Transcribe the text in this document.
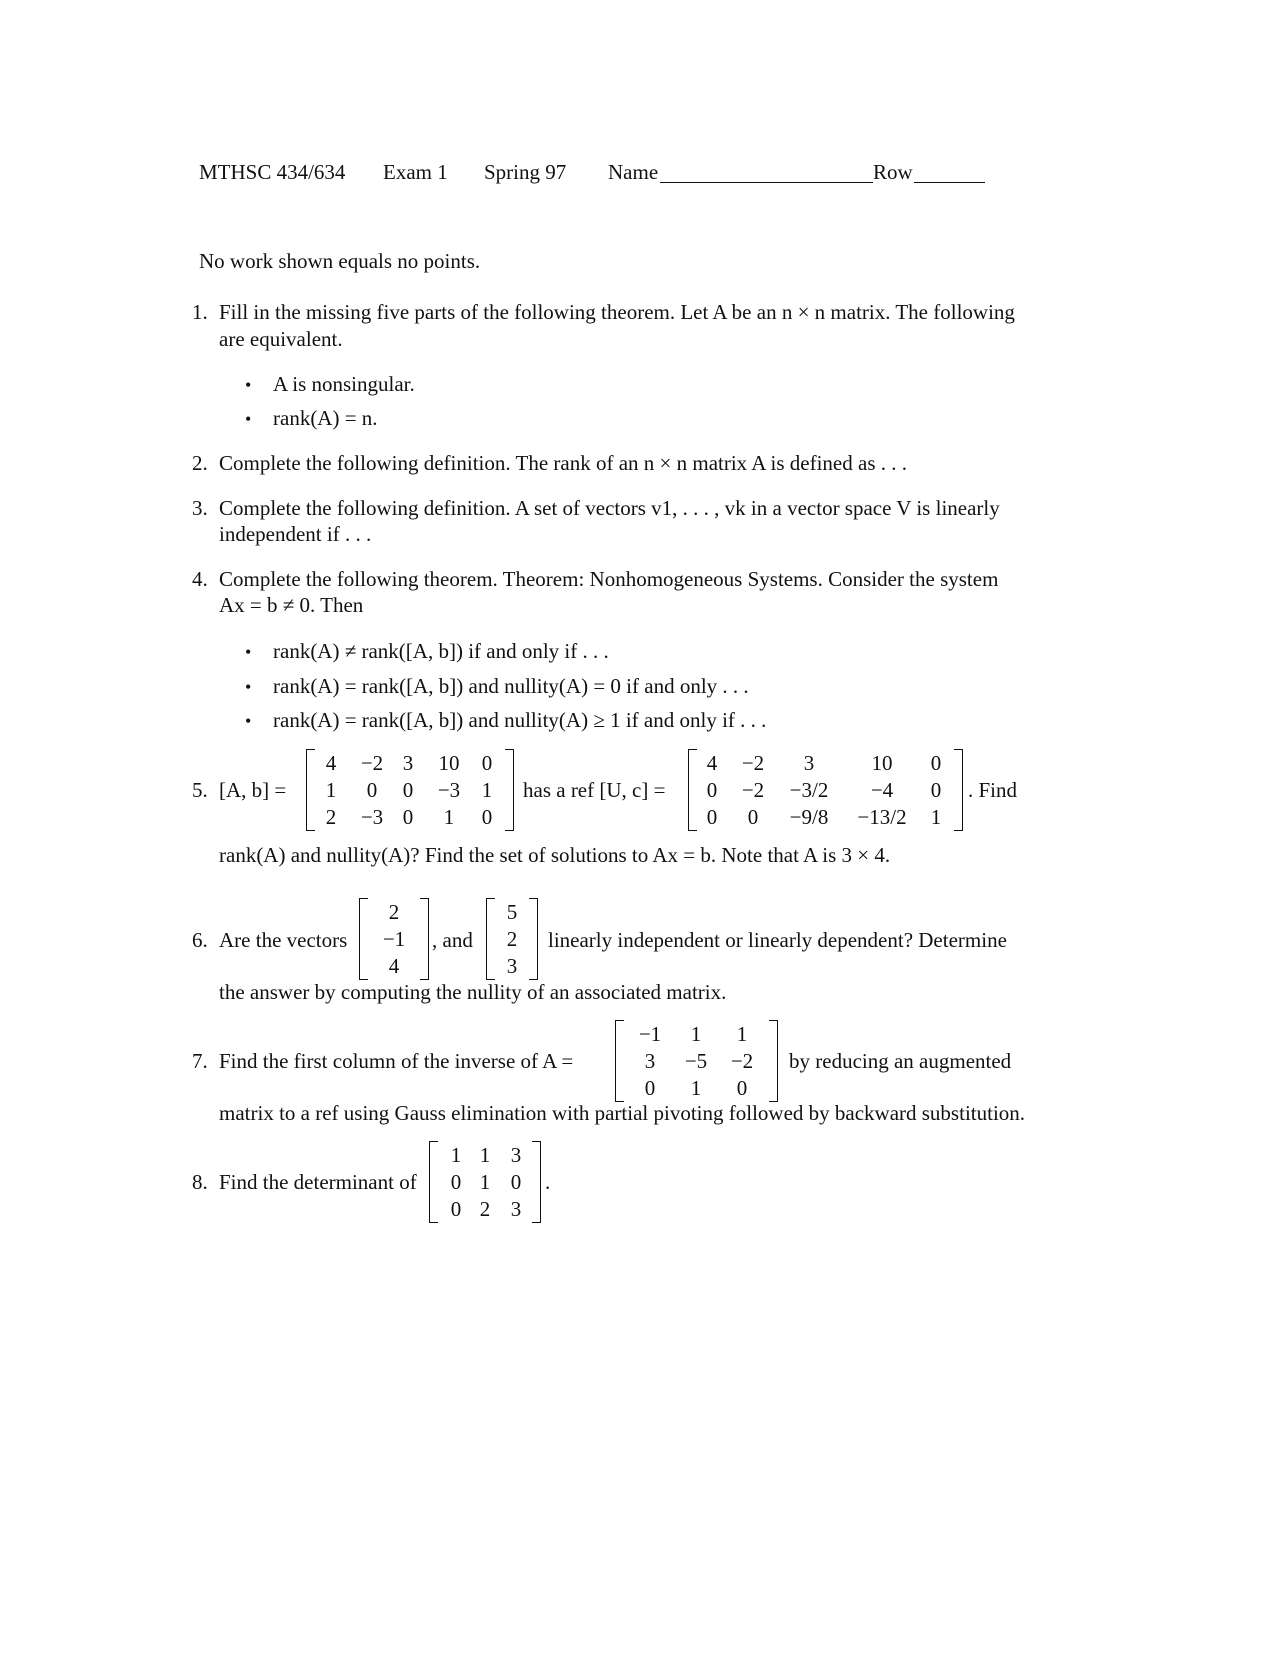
MTHSC 434/634 Exam 1 Spring 97 Name	Row
No work shown equals no points.
1. Fill in the missing five parts of the following theorem. Let A be an n × n matrix. The following
are equivalent.
• A is nonsingular.
• rank(A) = n.
2. Complete the following definition. The rank of an n × n matrix A is defined as . . .
3. Complete the following definition. A set of vectors v1, . . . , vk in a vector space V is linearly
independent if . . .
4. Complete the following theorem. Theorem: Nonhomogeneous Systems. Consider the system
Ax = b ≠ 0. Then
• rank(A) ≠ rank([A, b]) if and only if . . .
• rank(A) = rank([A, b]) and nullity(A) = 0 if and only . . .
• rank(A) = rank([A, b]) and nullity(A) ≥ 1 if and only if . . .
5. [A, b] =
4	−2 3	10	0
1	0	0	−3	1
2	−3 0	1	0
has a ref [U, c] =
4	−2	3	10	0
0	−2	−3/2	−4	0
0	0	−9/8	−13/2	1
. Find
rank(A) and nullity(A)? Find the set of solutions to Ax = b. Note that A is 3 × 4.
6. Are the vectors
2
−1
4
, and
5
2
3
linearly independent or linearly dependent? Determine
the answer by computing the nullity of an associated matrix.
7. Find the first column of the inverse of A =
−1	1	1
3	−5	−2
0	1	0
by reducing an augmented
matrix to a ref using Gauss elimination with partial pivoting followed by backward substitution.
8. Find the determinant of
1 1 3
0 1 0
0 2 3
.
